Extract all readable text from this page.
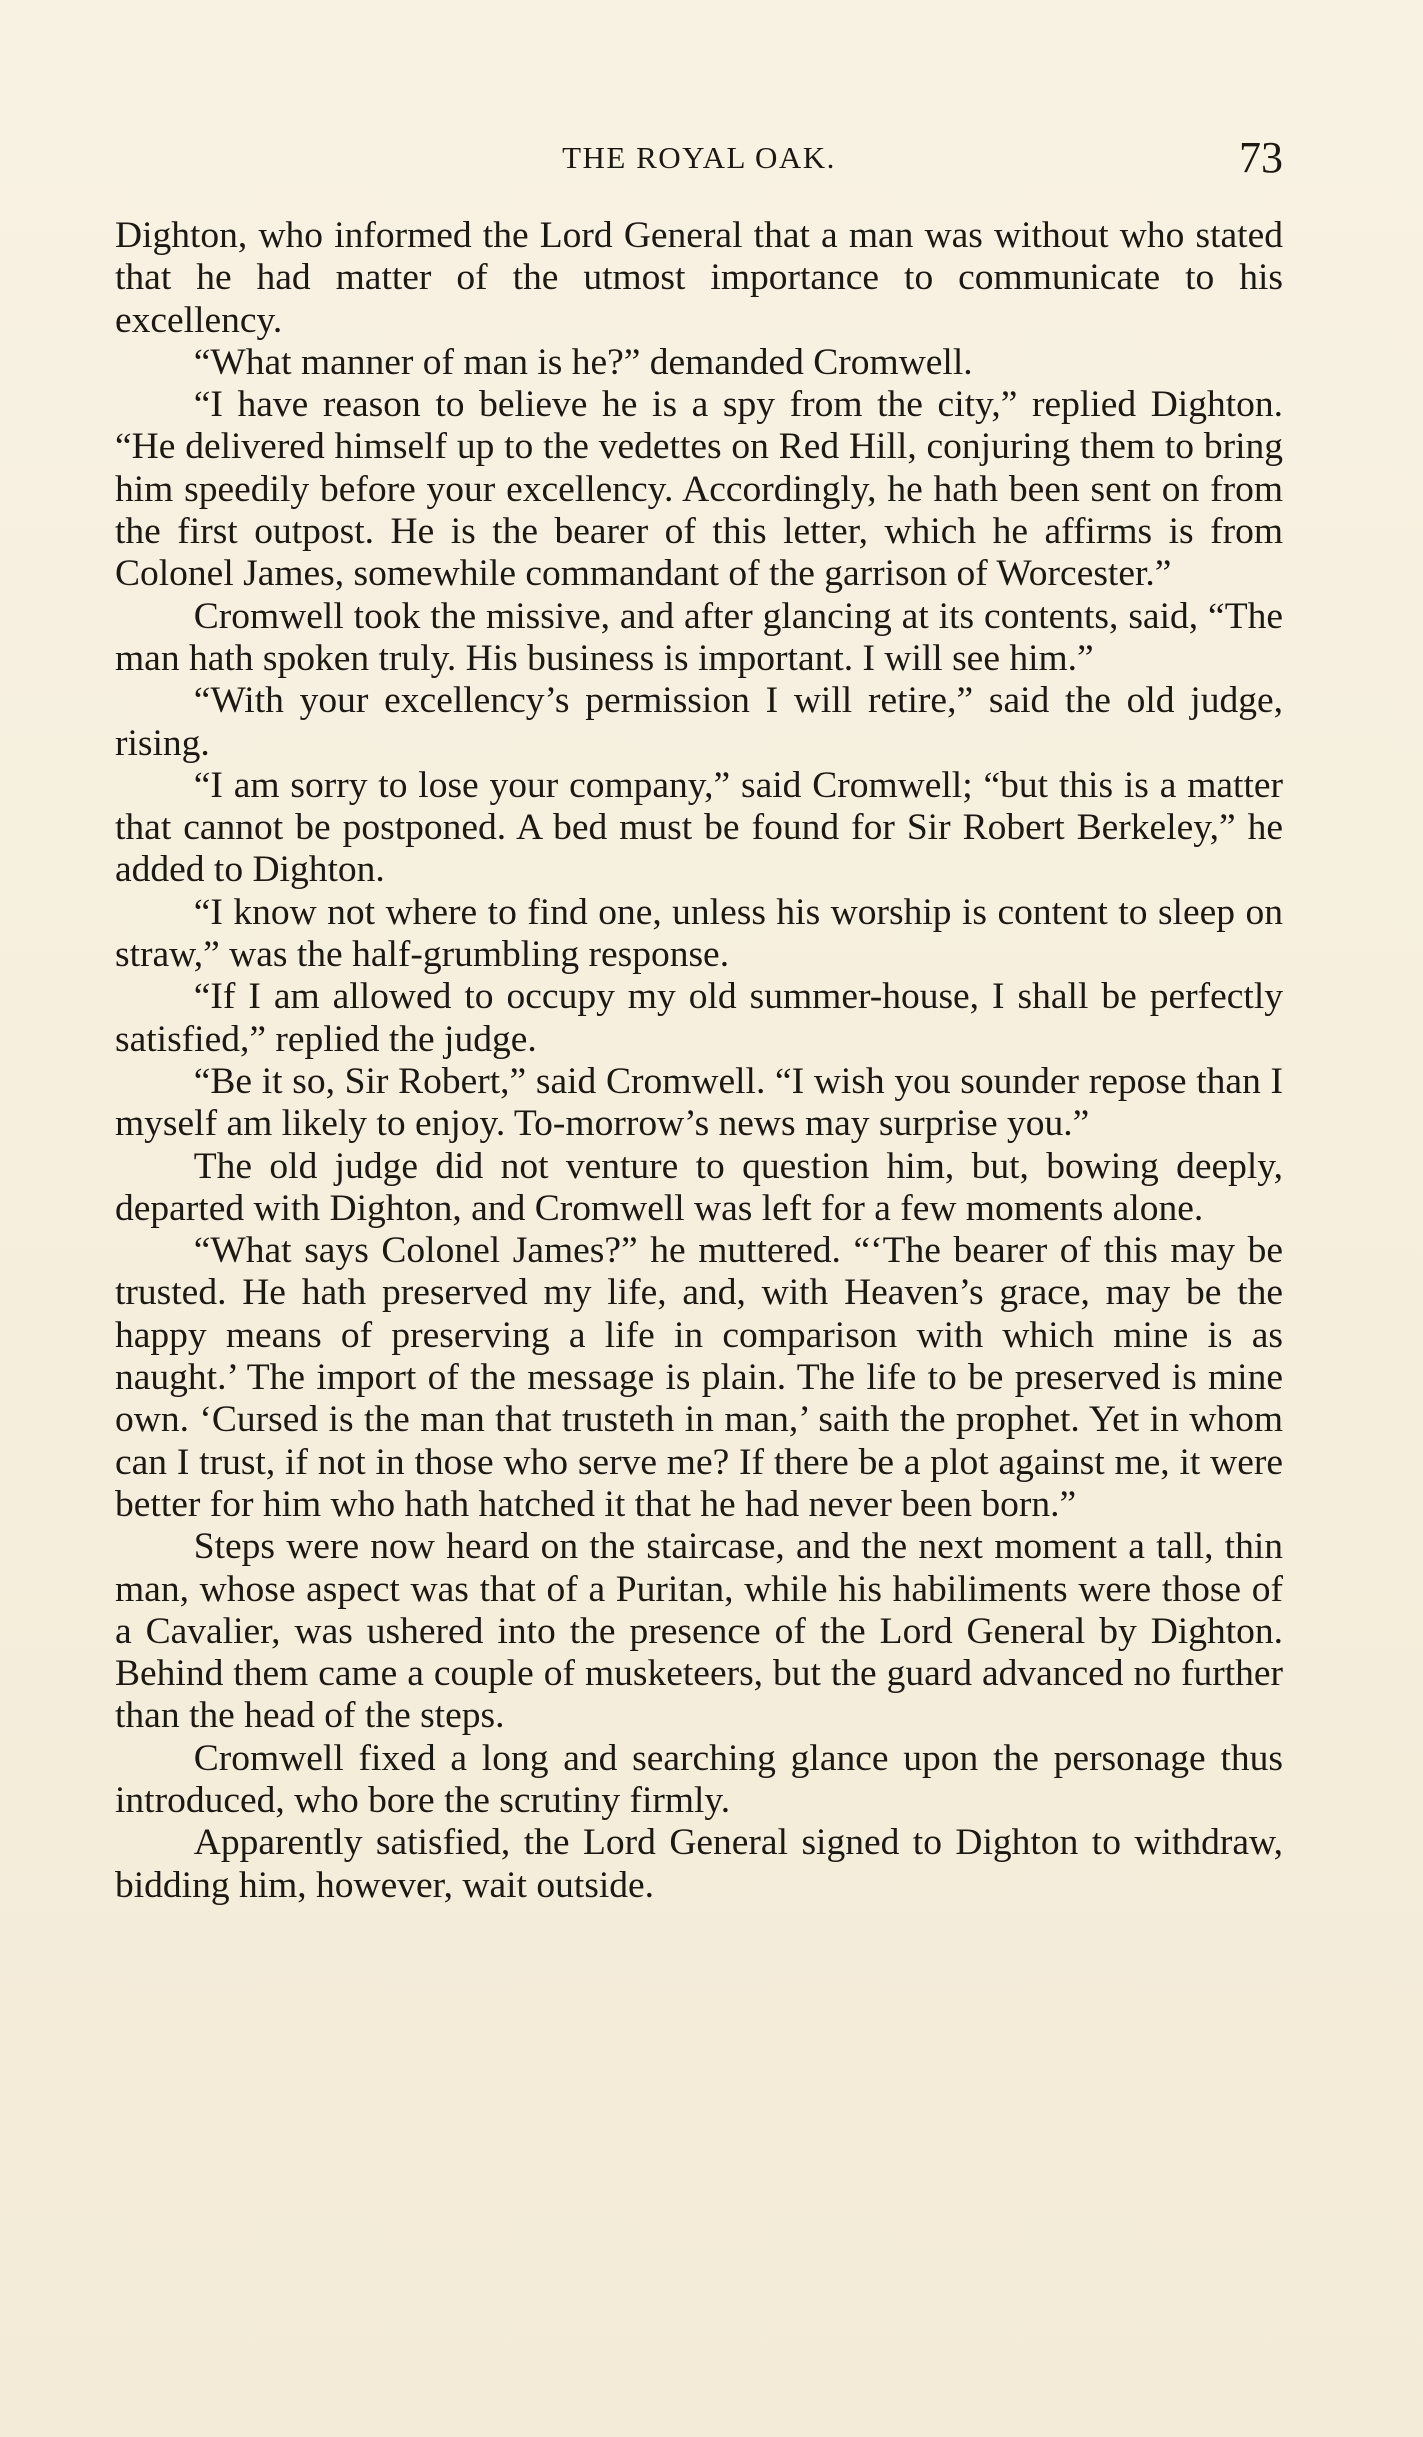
THE ROYAL OAK.	73

Dighton, who informed the Lord General that a man was without who stated that he had matter of the utmost importance to communicate to his excellency.

“What manner of man is he?” demanded Cromwell.

“I have reason to believe he is a spy from the city,” replied Dighton. “He delivered himself up to the vedettes on Red Hill, conjuring them to bring him speedily before your excellency. Accordingly, he hath been sent on from the first outpost. He is the bearer of this letter, which he affirms is from Colonel James, somewhile commandant of the garrison of Worcester.”

Cromwell took the missive, and after glancing at its contents, said, “The man hath spoken truly. His business is important. I will see him.”

“With your excellency’s permission I will retire,” said the old judge, rising.

“I am sorry to lose your company,” said Cromwell; “but this is a matter that cannot be postponed. A bed must be found for Sir Robert Berkeley,” he added to Dighton.

“I know not where to find one, unless his worship is content to sleep on straw,” was the half-grumbling response.

“If I am allowed to occupy my old summer-house, I shall be perfectly satisfied,” replied the judge.

“Be it so, Sir Robert,” said Cromwell. “I wish you sounder repose than I myself am likely to enjoy. To-morrow’s news may surprise you.”

The old judge did not venture to question him, but, bowing deeply, departed with Dighton, and Cromwell was left for a few moments alone.

“What says Colonel James?” he muttered. “‘The bearer of this may be trusted. He hath preserved my life, and, with Heaven’s grace, may be the happy means of preserving a life in comparison with which mine is as naught.’ The import of the message is plain. The life to be preserved is mine own. ‘Cursed is the man that trusteth in man,’ saith the prophet. Yet in whom can I trust, if not in those who serve me? If there be a plot against me, it were better for him who hath hatched it that he had never been born.”

Steps were now heard on the staircase, and the next moment a tall, thin man, whose aspect was that of a Puritan, while his habiliments were those of a Cavalier, was ushered into the presence of the Lord General by Dighton. Behind them came a couple of musketeers, but the guard advanced no further than the head of the steps.

Cromwell fixed a long and searching glance upon the personage thus introduced, who bore the scrutiny firmly.

Apparently satisfied, the Lord General signed to Dighton to withdraw, bidding him, however, wait outside.
